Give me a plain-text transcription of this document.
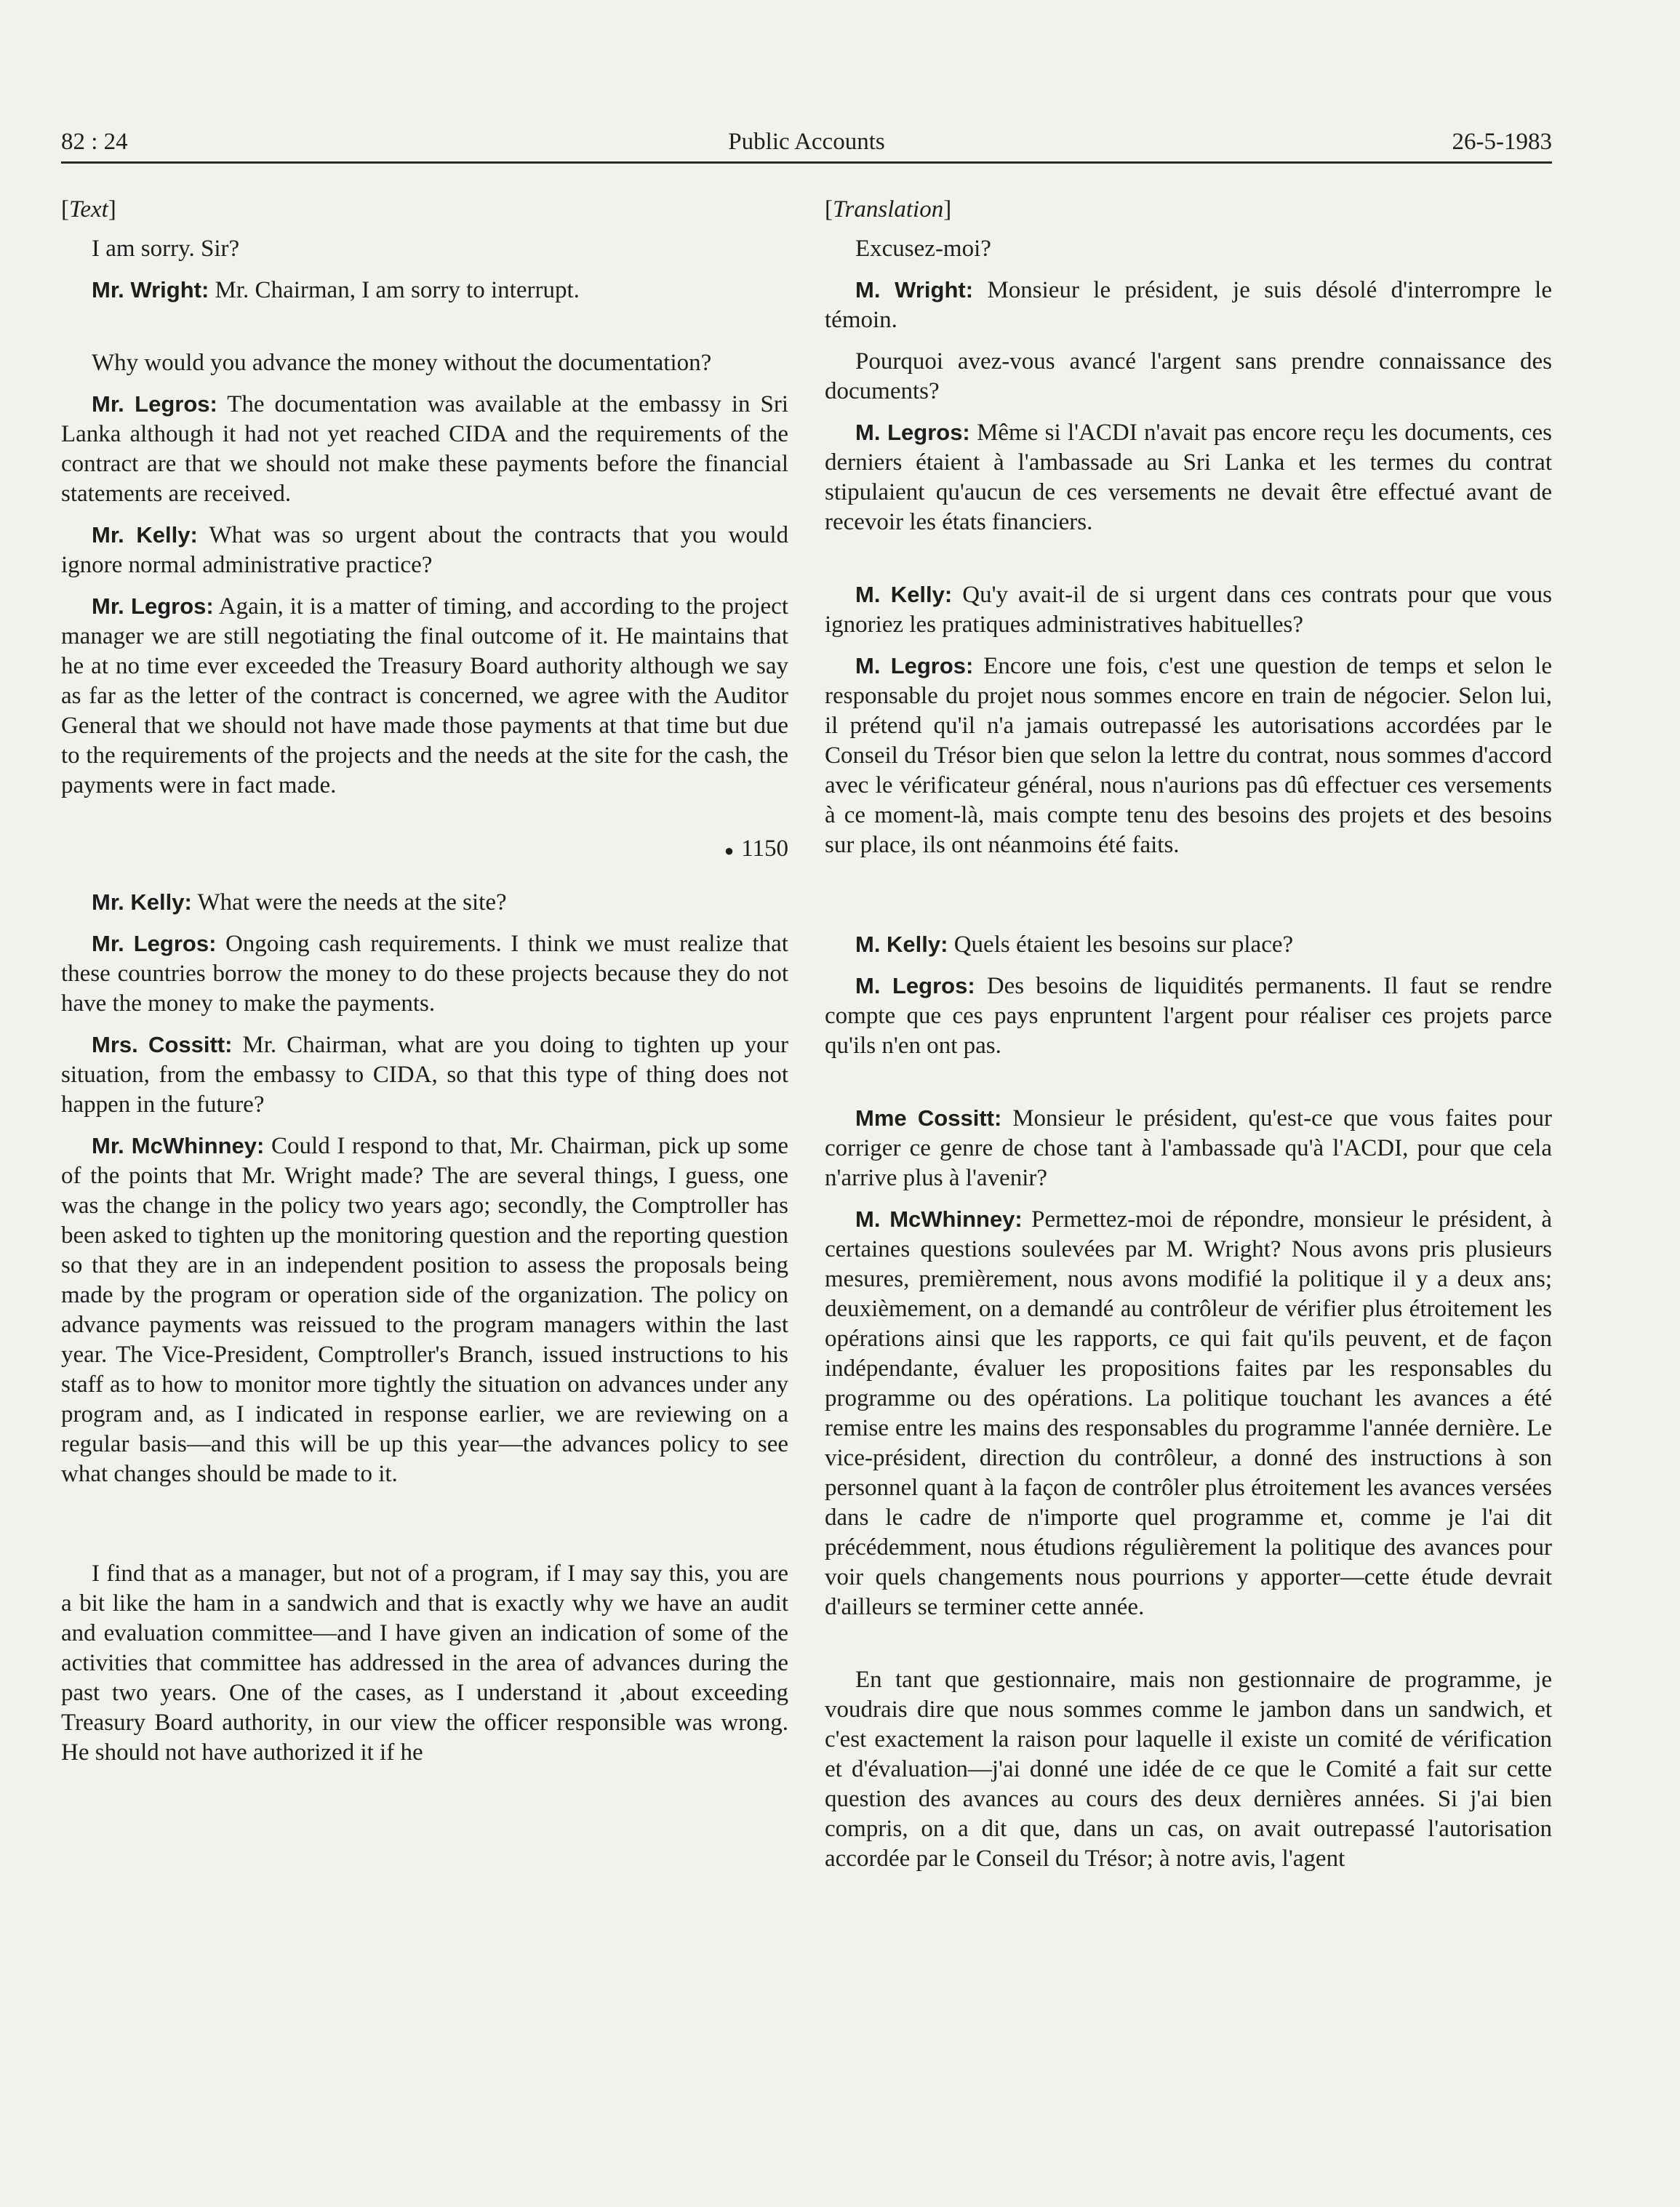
82 : 24	Public Accounts	26-5-1983
[Text]

I am sorry. Sir?

Mr. Wright: Mr. Chairman, I am sorry to interrupt.

Why would you advance the money without the documentation?

Mr. Legros: The documentation was available at the embassy in Sri Lanka although it had not yet reached CIDA and the requirements of the contract are that we should not make these payments before the financial statements are received.

Mr. Kelly: What was so urgent about the contracts that you would ignore normal administrative practice?

Mr. Legros: Again, it is a matter of timing, and according to the project manager we are still negotiating the final outcome of it. He maintains that he at no time ever exceeded the Treasury Board authority although we say as far as the letter of the contract is concerned, we agree with the Auditor General that we should not have made those payments at that time but due to the requirements of the projects and the needs at the site for the cash, the payments were in fact made.

● 1150

Mr. Kelly: What were the needs at the site?

Mr. Legros: Ongoing cash requirements. I think we must realize that these countries borrow the money to do these projects because they do not have the money to make the payments.

Mrs. Cossitt: Mr. Chairman, what are you doing to tighten up your situation, from the embassy to CIDA, so that this type of thing does not happen in the future?

Mr. McWhinney: Could I respond to that, Mr. Chairman, pick up some of the points that Mr. Wright made? The are several things, I guess, one was the change in the policy two years ago; secondly, the Comptroller has been asked to tighten up the monitoring question and the reporting question so that they are in an independent position to assess the proposals being made by the program or operation side of the organization. The policy on advance payments was reissued to the program managers within the last year. The Vice-President, Comptroller's Branch, issued instructions to his staff as to how to monitor more tightly the situation on advances under any program and, as I indicated in response earlier, we are reviewing on a regular basis—and this will be up this year—the advances policy to see what changes should be made to it.

I find that as a manager, but not of a program, if I may say this, you are a bit like the ham in a sandwich and that is exactly why we have an audit and evaluation committee—and I have given an indication of some of the activities that committee has addressed in the area of advances during the past two years. One of the cases, as I understand it ,about exceeding Treasury Board authority, in our view the officer responsible was wrong. He should not have authorized it if he

[Translation]

Excusez-moi?

M. Wright: Monsieur le président, je suis désolé d'interrompre le témoin.

Pourquoi avez-vous avancé l'argent sans prendre connaissance des documents?

M. Legros: Même si l'ACDI n'avait pas encore reçu les documents, ces derniers étaient à l'ambassade au Sri Lanka et les termes du contrat stipulaient qu'aucun de ces versements ne devait être effectué avant de recevoir les états financiers.

M. Kelly: Qu'y avait-il de si urgent dans ces contrats pour que vous ignoriez les pratiques administratives habituelles?

M. Legros: Encore une fois, c'est une question de temps et selon le responsable du projet nous sommes encore en train de négocier. Selon lui, il prétend qu'il n'a jamais outrepassé les autorisations accordées par le Conseil du Trésor bien que selon la lettre du contrat, nous sommes d'accord avec le vérificateur général, nous n'aurions pas dû effectuer ces versements à ce moment-là, mais compte tenu des besoins des projets et des besoins sur place, ils ont néanmoins été faits.

M. Kelly: Quels étaient les besoins sur place?

M. Legros: Des besoins de liquidités permanents. Il faut se rendre compte que ces pays enpruntent l'argent pour réaliser ces projets parce qu'ils n'en ont pas.

Mme Cossitt: Monsieur le président, qu'est-ce que vous faites pour corriger ce genre de chose tant à l'ambassade qu'à l'ACDI, pour que cela n'arrive plus à l'avenir?

M. McWhinney: Permettez-moi de répondre, monsieur le président, à certaines questions soulevées par M. Wright? Nous avons pris plusieurs mesures, premièrement, nous avons modifié la politique il y a deux ans; deuxièmement, on a demandé au contrôleur de vérifier plus étroitement les opérations ainsi que les rapports, ce qui fait qu'ils peuvent, et de façon indépendante, évaluer les propositions faites par les responsables du programme ou des opérations. La politique touchant les avances a été remise entre les mains des responsables du programme l'année dernière. Le vice-président, direction du contrôleur, a donné des instructions à son personnel quant à la façon de contrôler plus étroitement les avances versées dans le cadre de n'importe quel programme et, comme je l'ai dit précédemment, nous étudions régulièrement la politique des avances pour voir quels changements nous pourrions y apporter—cette étude devrait d'ailleurs se terminer cette année.

En tant que gestionnaire, mais non gestionnaire de programme, je voudrais dire que nous sommes comme le jambon dans un sandwich, et c'est exactement la raison pour laquelle il existe un comité de vérification et d'évaluation—j'ai donné une idée de ce que le Comité a fait sur cette question des avances au cours des deux dernières années. Si j'ai bien compris, on a dit que, dans un cas, on avait outrepassé l'autorisation accordée par le Conseil du Trésor; à notre avis, l'agent
